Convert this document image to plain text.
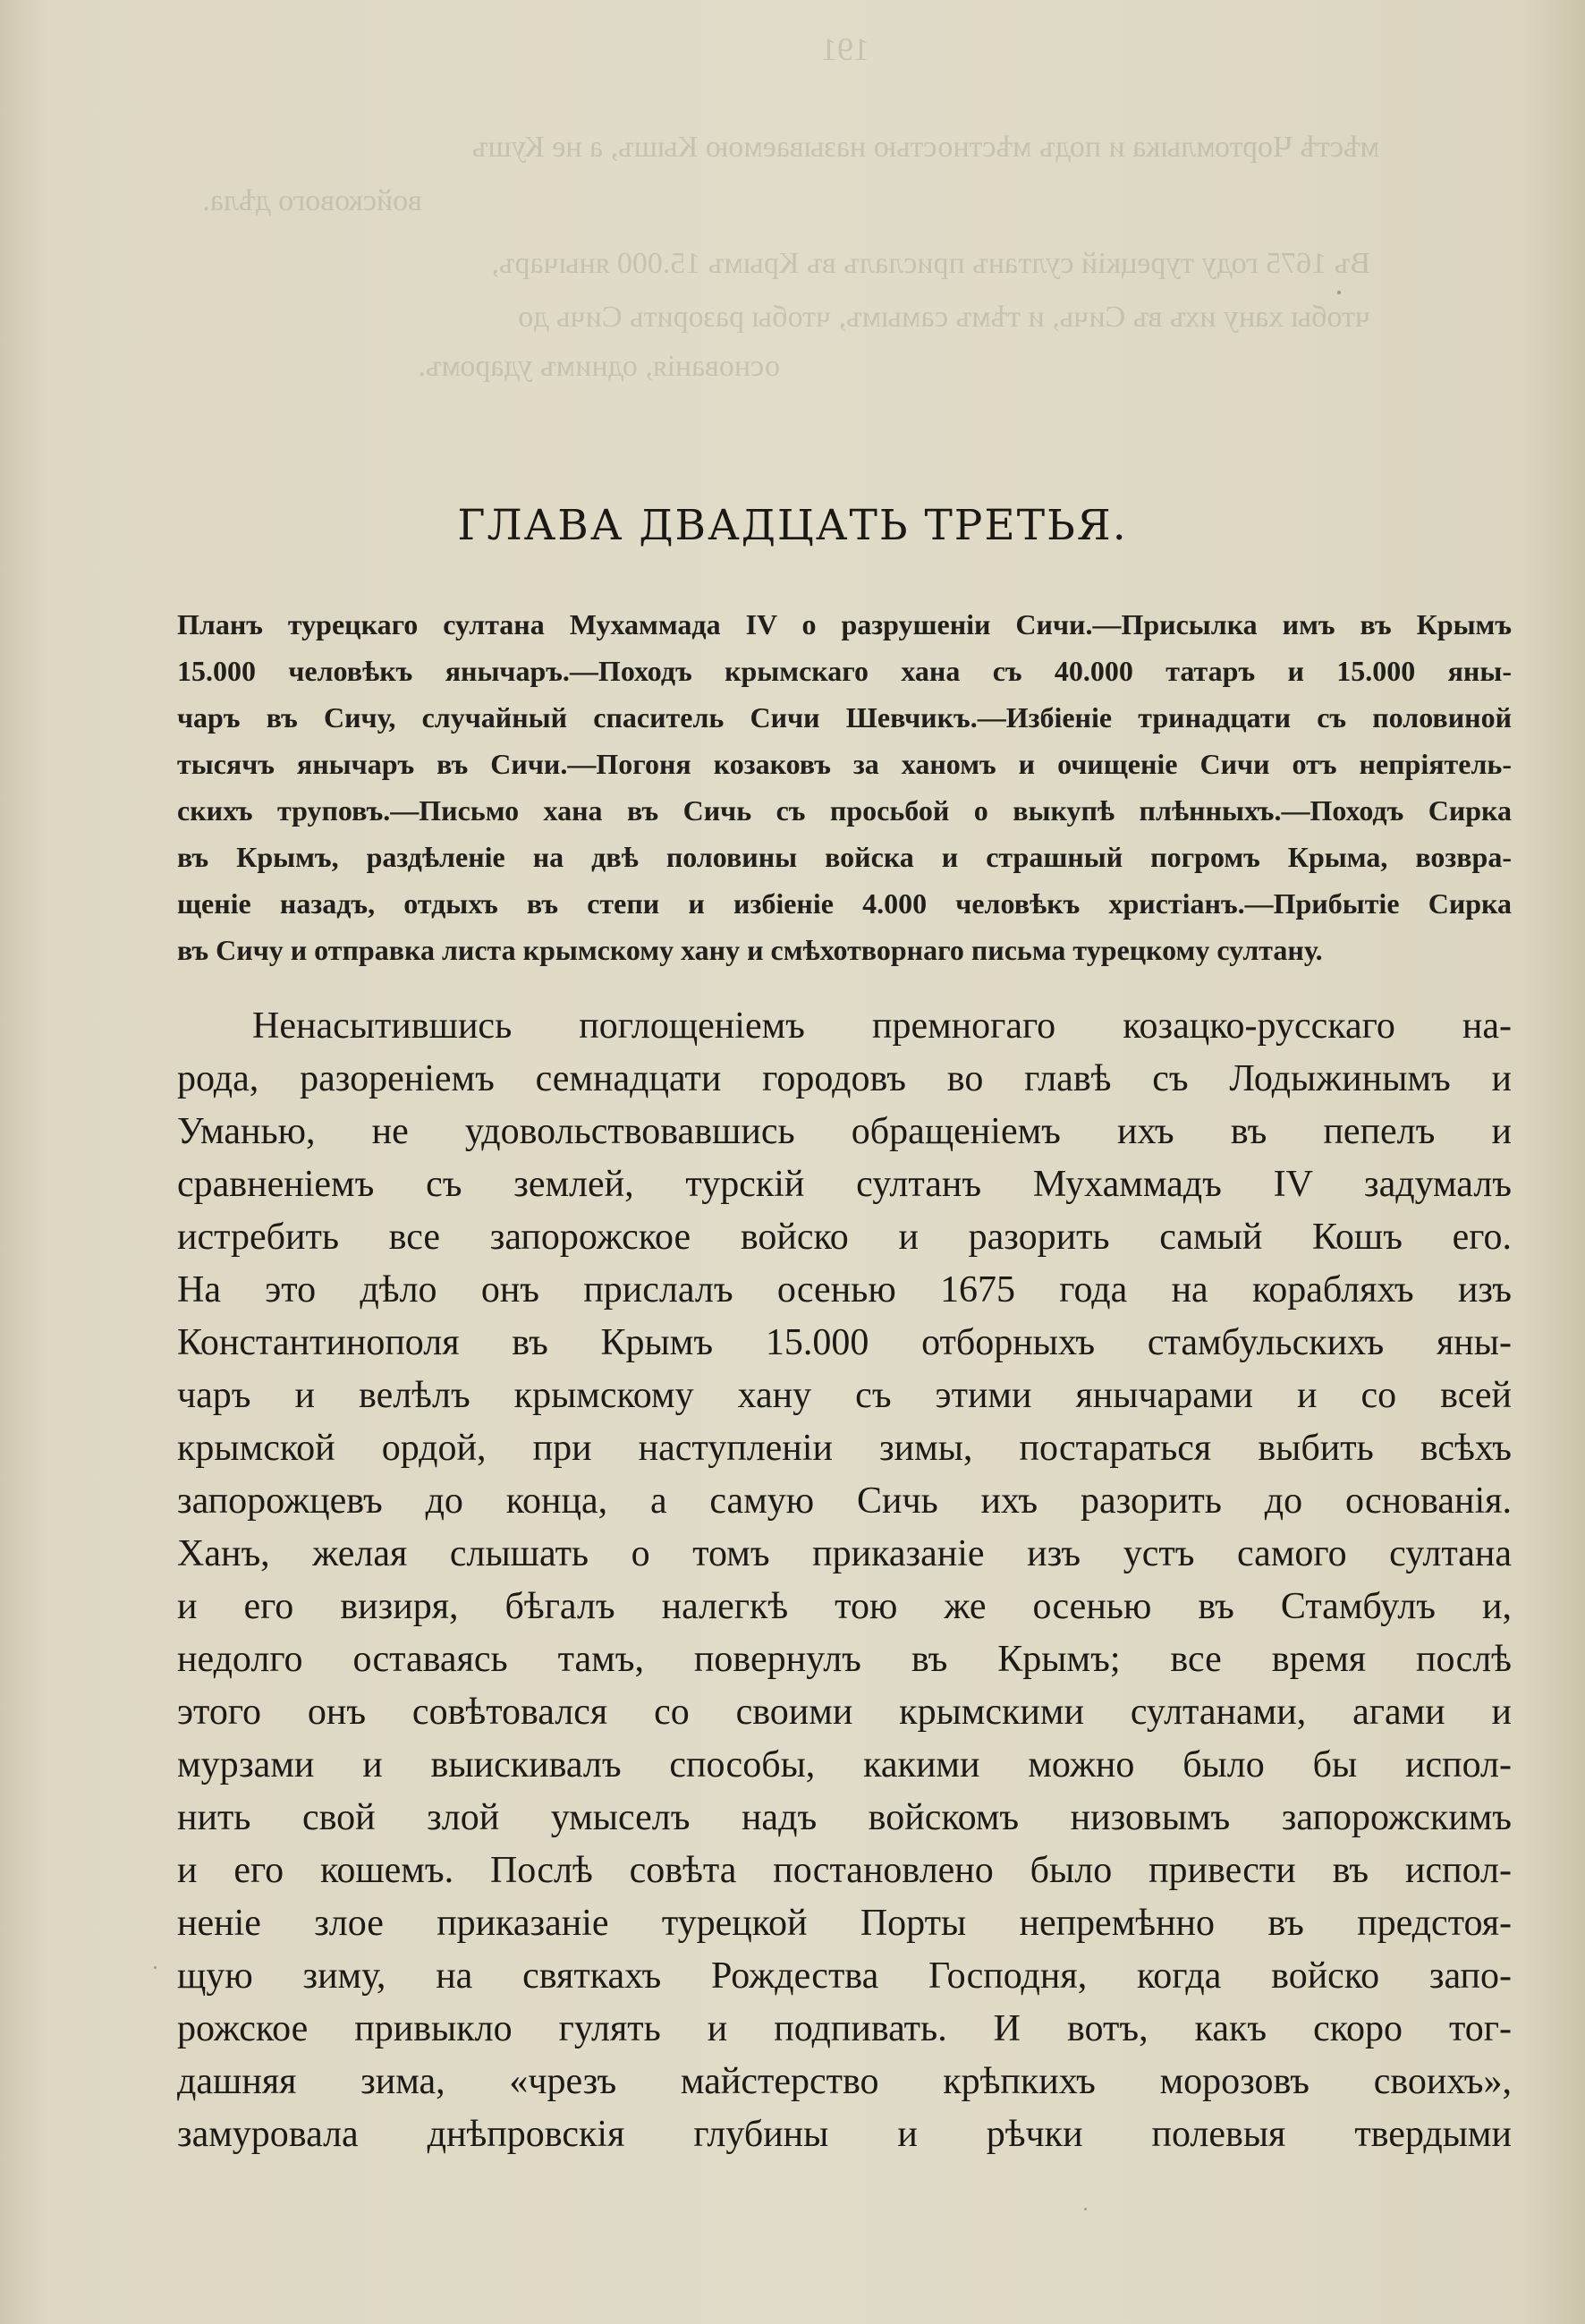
191
мѣстѣ Чортомлыка и подъ мѣстностью называемою Кышъ, а не Кушъ
войскового дѣла.
Въ 1675 году турецкій султанъ прислалъ въ Крымъ 15.000 янычаръ,
чтобы хану ихъ въ Сичь, и тѣмъ самымъ, чтобы разорить Сичь до
основанія, однимъ ударомъ.
ГЛАВА ДВАДЦАТЬ ТРЕТЬЯ.
Планъ турецкаго султана Мухаммада IV о разрушеніи Сичи.—Присылка имъ въ Крымъ
15.000 человѣкъ янычаръ.—Походъ крымскаго хана съ 40.000 татаръ и 15.000 яны-
чаръ въ Сичу, случайный спаситель Сичи Шевчикъ.—Избіеніе тринадцати съ половиной
тысячъ янычаръ въ Сичи.—Погоня козаковъ за ханомъ и очищеніе Сичи отъ непріятель-
скихъ труповъ.—Письмо хана въ Сичь съ просьбой о выкупѣ плѣнныхъ.—Походъ Сирка
въ Крымъ, раздѣленіе на двѣ половины войска и страшный погромъ Крыма, возвра-
щеніе назадъ, отдыхъ въ степи и избіеніе 4.000 человѣкъ христіанъ.—Прибытіе Сирка
въ Сичу и отправка листа крымскому хану и смѣхотворнаго письма турецкому султану.
Ненасытившись поглощеніемъ премногаго козацко-русскаго на-
рода, разореніемъ семнадцати городовъ во главѣ съ Лодыжинымъ и
Уманью, не удовольствовавшись обращеніемъ ихъ въ пепелъ и
сравненіемъ съ землей, турскій султанъ Мухаммадъ IV задумалъ
истребить все запорожское войско и разорить самый Кошъ его.
На это дѣло онъ прислалъ осенью 1675 года на корабляхъ изъ
Константинополя въ Крымъ 15.000 отборныхъ стамбульскихъ яны-
чаръ и велѣлъ крымскому хану съ этими янычарами и со всей
крымской ордой, при наступленіи зимы, постараться выбить всѣхъ
запорожцевъ до конца, а самую Сичь ихъ разорить до основанія.
Ханъ, желая слышать о томъ приказаніе изъ устъ самого султана
и его визиря, бѣгалъ налегкѣ тою же осенью въ Стамбулъ и,
недолго оставаясь тамъ, повернулъ въ Крымъ; все время послѣ
этого онъ совѣтовался со своими крымскими султанами, агами и
мурзами и выискивалъ способы, какими можно было бы испол-
нить свой злой умыселъ надъ войскомъ низовымъ запорожскимъ
и его кошемъ. Послѣ совѣта постановлено было привести въ испол-
неніе злое приказаніе турецкой Порты непремѣнно въ предстоя-
щую зиму, на святкахъ Рождества Господня, когда войско запо-
рожское привыкло гулять и подпивать. И вотъ, какъ скоро тог-
дашняя зима, «чрезъ майстерство крѣпкихъ морозовъ своихъ»,
замуровала днѣпровскія глубины и рѣчки полевыя твердыми
